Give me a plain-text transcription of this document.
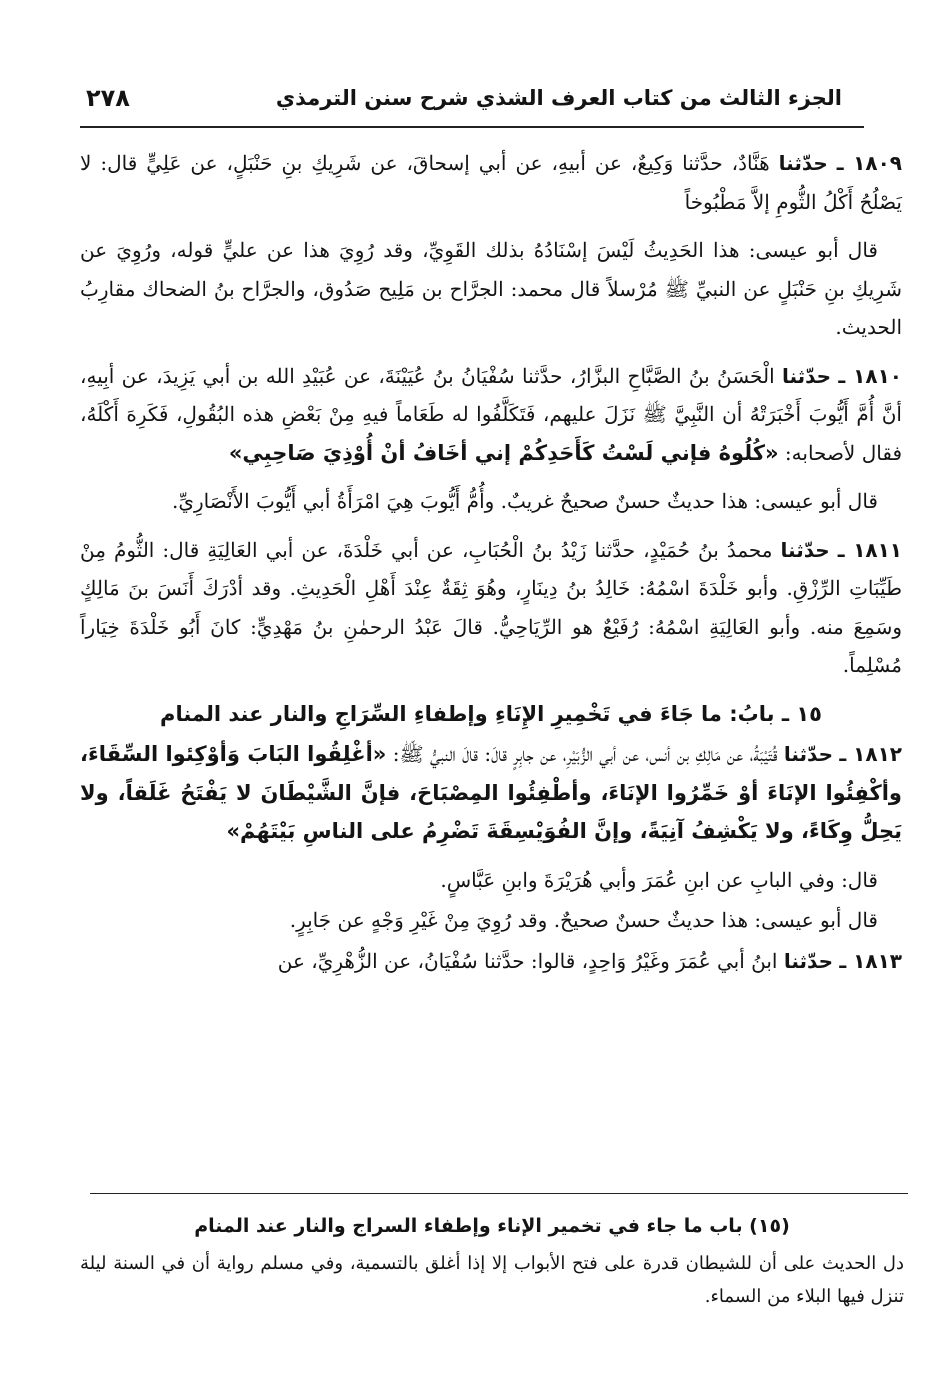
الجزء الثالث من كتاب العرف الشذي شرح سنن الترمذي
٢٧٨

١٨٠٩ ـ حدّثنا هَنَّادٌ، حدَّثنا وَكِيعٌ، عن أبيهِ، عن أبي إسحاقَ، عن شَرِيكِ بنِ حَنْبَلٍ، عن عَلِيٍّ قال: لا يَصْلُحُ أَكْلُ الثُّومِ إلاَّ مَطْبُوخاً

قال أبو عيسى: هذا الحَدِيثُ لَيْسَ إسْنَادُهُ بذلك القَوِيِّ، وقد رُوِيَ هذا عن عليٍّ قوله، ورُوِيَ عن شَرِيكِ بنِ حَنْبَلٍ عن النبيِّ ﷺ مُرْسلاً قال محمد: الجرَّاح بن مَلِيح صَدُوق، والجرَّاح بنُ الضحاك مقارِبُ الحديث.

١٨١٠ ـ حدّثنا الْحَسَنُ بنُ الصَّبَّاحِ البزَّارُ، حدَّثنا سُفْيَانُ بنُ عُيَيْنَةَ، عن عُبَيْدِ الله بن أبي يَزِيدَ، عن أبِيهِ، أنَّ أُمَّ أَيُّوبَ أَخْبَرَتْهُ أن النَّبِيَّ ﷺ نَزَلَ عليهم، فَتَكَلَّفُوا له طَعَاماً فيهِ مِنْ بَعْضِ هذه البُقُولِ، فَكَرِهَ أَكْلَهُ، فقال لأصحابه: «كُلُوهُ فإني لَسْتُ كَأَحَدِكُمْ إني أخَافُ أنْ أُوْذِيَ صَاحِبِي»

قال أبو عيسى: هذا حديثٌ حسنٌ صحيحٌ غريبٌ. وأُمُّ أَيُّوبَ هِيَ امْرَأَةُ أبي أَيُّوبَ الأَنْصَارِيِّ.

١٨١١ ـ حدّثنا محمدُ بنُ حُمَيْدٍ، حدَّثنا زَيْدُ بنُ الْحُبَابِ، عن أبي خَلْدَةَ، عن أبي العَالِيَةِ قال: الثُّومُ مِنْ طَيِّبَاتِ الرِّزْقِ. وأبو خَلْدَةَ اسْمُهُ: خَالِدُ بنُ دِينَارٍ، وهُوَ ثِقَةٌ عِنْدَ أَهْلِ الْحَدِيثِ. وقد أدْرَكَ أَنَسَ بنَ مَالِكٍ وسَمِعَ منه. وأبو العَالِيَةِ اسْمُهُ: رُفَيْعٌ هو الرِّيَاحِيُّ. قالَ عَبْدُ الرحمٰنِ بنُ مَهْدِيٍّ: كانَ أَبُو خَلْدَةَ خِيَاراً مُسْلِماً.

١٥ ـ بابُ: ما جَاءَ في تَخْمِيرِ الإِنَاءِ وإطفاءِ السِّرَاجِ والنار عند المنام

١٨١٢ ـ حدّثنا قُتَيْبَةُ، عن مَالِكِ بن أنس، عن أبي الزُّبَيْرِ، عن جابِرٍ قالَ: قالَ النبيُّ ﷺ: «أغْلِقُوا البَابَ وَأوْكِئوا السِّقَاءَ، وأكْفِئُوا الإنَاءَ أوْ خَمِّرُوا الإنَاءَ، وأطْفِئُوا المِصْبَاحَ، فإنَّ الشَّيْطَانَ لا يَفْتَحُ غَلَقاً، ولا يَحِلُّ وِكَاءً، ولا يَكْشِفُ آنِيَةً، وإنَّ الفُوَيْسِقَةَ تَضْرِمُ على الناسِ بَيْتَهُمْ»

قال: وفي البابِ عن ابنِ عُمَرَ وأبي هُرَيْرَةَ وابنِ عَبَّاسٍ.

قال أبو عيسى: هذا حديثٌ حسنٌ صحيحٌ. وقد رُوِيَ مِنْ غَيْرِ وَجْهٍ عن جَابِرٍ.

١٨١٣ ـ حدّثنا ابنُ أبي عُمَرَ وغَيْرُ وَاحِدٍ، قالوا: حدَّثنا سُفْيَانُ، عن الزُّهْرِيِّ، عن

(١٥) باب ما جاء في تخمير الإناء وإطفاء السراج والنار عند المنام

دل الحديث على أن للشيطان قدرة على فتح الأبواب إلا إذا أغلق بالتسمية، وفي مسلم رواية أن في السنة ليلة تنزل فيها البلاء من السماء.
